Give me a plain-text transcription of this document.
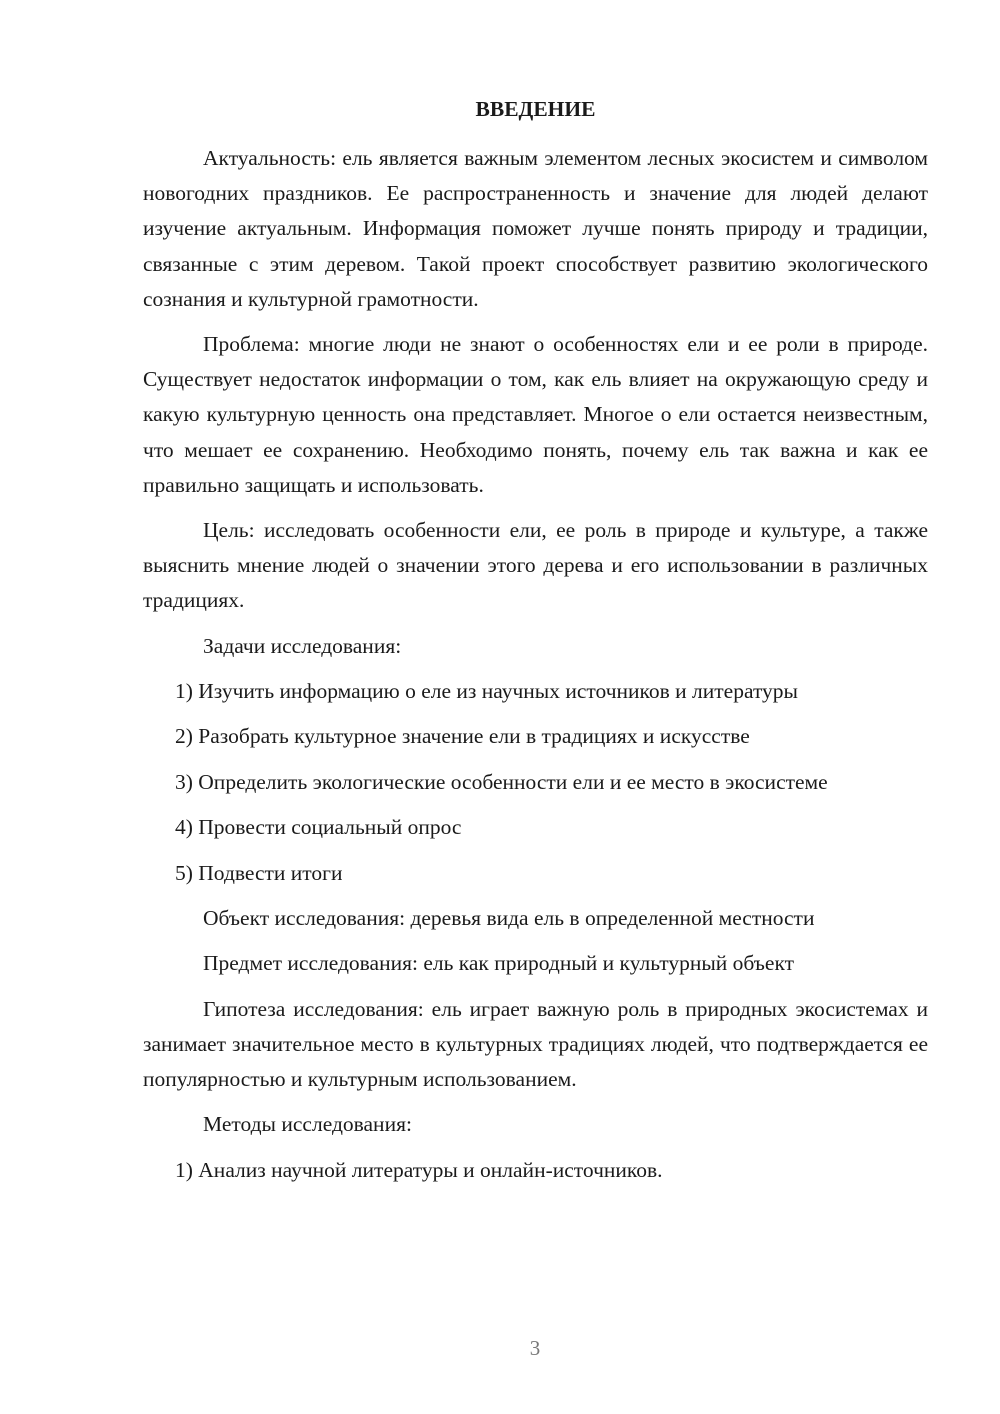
ВВЕДЕНИЕ

Актуальность: ель является важным элементом лесных экосистем и символом новогодних праздников. Ее распространенность и значение для людей делают изучение актуальным. Информация поможет лучше понять природу и традиции, связанные с этим деревом. Такой проект способствует развитию экологического сознания и культурной грамотности.

Проблема: многие люди не знают о особенностях ели и ее роли в природе. Существует недостаток информации о том, как ель влияет на окружающую среду и какую культурную ценность она представляет. Многое о ели остается неизвестным, что мешает ее сохранению. Необходимо понять, почему ель так важна и как ее правильно защищать и использовать.

Цель: исследовать особенности ели, ее роль в природе и культуре, а также выяснить мнение людей о значении этого дерева и его использовании в различных традициях.

Задачи исследования:
1) Изучить информацию о еле из научных источников и литературы
2) Разобрать культурное значение ели в традициях и искусстве
3) Определить экологические особенности ели и ее место в экосистеме
4) Провести социальный опрос
5) Подвести итоги
Объект исследования: деревья вида ель в определенной местности
Предмет исследования: ель как природный и культурный объект

Гипотеза исследования: ель играет важную роль в природных экосистемах и занимает значительное место в культурных традициях людей, что подтверждается ее популярностью и культурным использованием.

Методы исследования:
1) Анализ научной литературы и онлайн-источников.
3
